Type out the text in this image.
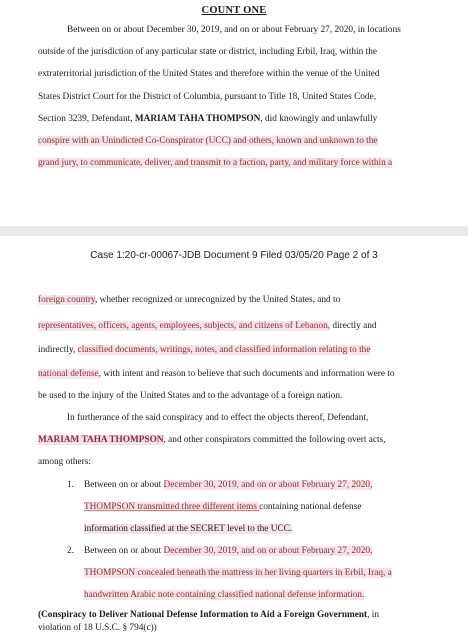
COUNT ONE
Between on or about December 30, 2019, and on or about February 27, 2020, in locations
outside of the jurisdiction of any particular state or district, including Erbil, Iraq, within the
extraterritorial jurisdiction of the United States and therefore within the venue of the United
States District Court for the District of Columbia, pursuant to Title 18, United States Code,
Section 3239, Defendant, MARIAM TAHA THOMPSON, did knowingly and unlawfully
conspire with an Unindicted Co-Conspirator (UCC) and others, known and unknown to the
grand jury, to communicate, deliver, and transmit to a faction, party, and military force within a
Case 1:20-cr-00067-JDB Document 9 Filed 03/05/20 Page 2 of 3
foreign country, whether recognized or unrecognized by the United States, and to
representatives, officers, agents, employees, subjects, and citizens of Lebanon, directly and
indirectly, classified documents, writings, notes, and classified information relating to the
national defense, with intent and reason to believe that such documents and information were to
be used to the injury of the United States and to the advantage of a foreign nation.
In furtherance of the said conspiracy and to effect the objects thereof, Defendant,
MARIAM TAHA THOMPSON, and other conspirators committed the following overt acts,
among others:
1. Between on or about December 30, 2019, and on or about February 27, 2020,
THOMPSON transmitted three different items containing national defense
information classified at the SECRET level to the UCC.
2. Between on or about December 30, 2019, and on or about February 27, 2020,
THOMPSON concealed beneath the mattress in her living quarters in Erbil, Iraq, a
handwritten Arabic note containing classified national defense information.
(Conspiracy to Deliver National Defense Information to Aid a Foreign Government, in
violation of 18 U.S.C. § 794(c))
